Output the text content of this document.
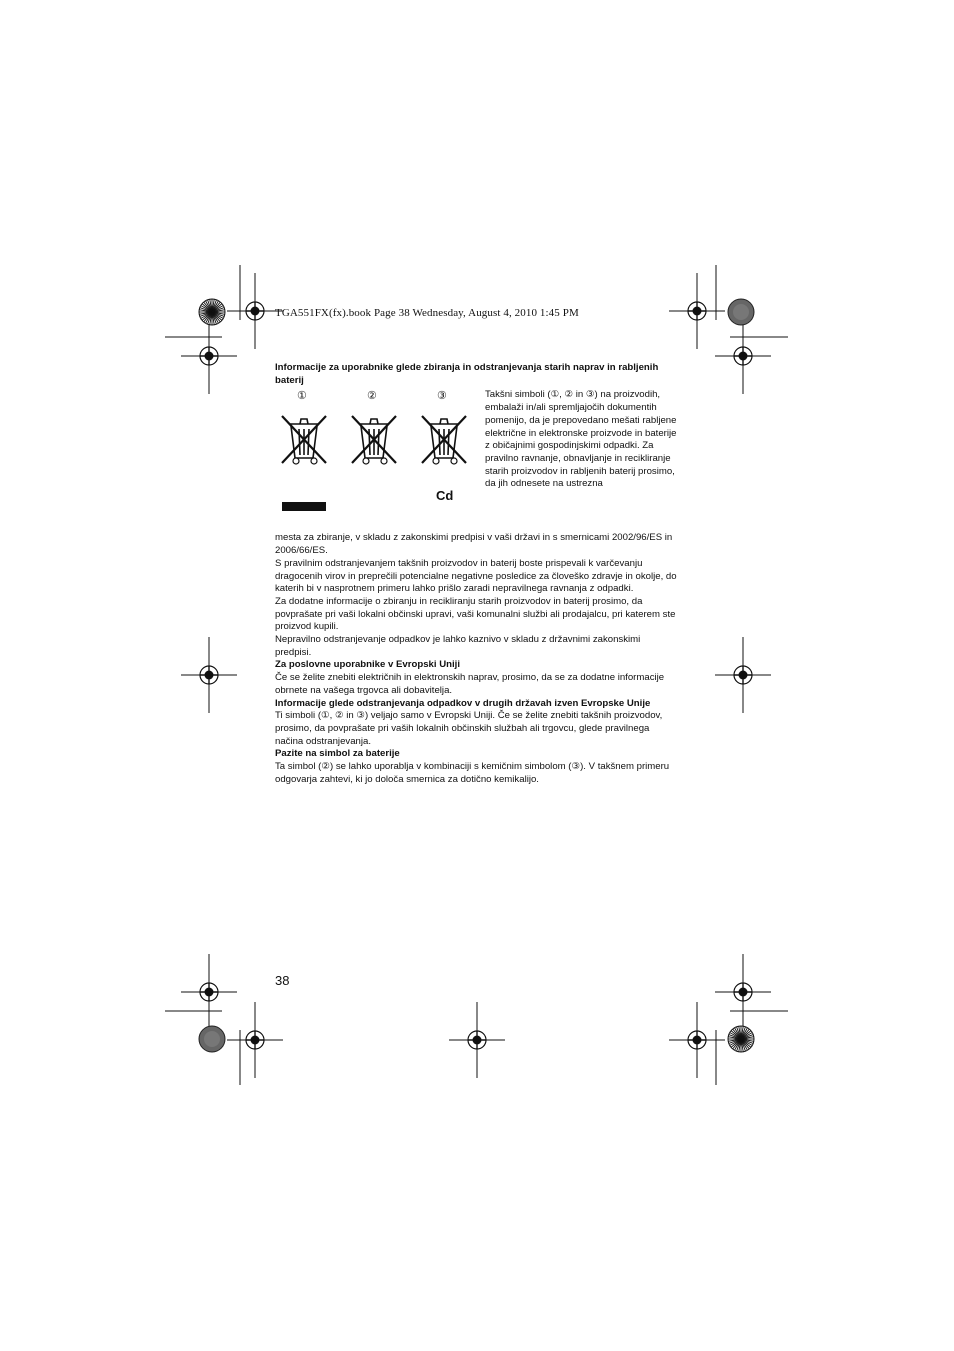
TGA551FX(fx).book Page 38 Wednesday, August 4, 2010 1:45 PM

Informacije za uporabnike glede zbiranja in odstranjevanja starih naprav in rabljenih baterij

①	②	③
Cd

Takšni simboli (①, ② in ③) na proizvodih, embalaži in/ali spremljajočih dokumentih pomenijo, da je prepovedano mešati rabljene električne in elektronske proizvode in baterije z običajnimi gospodinjskimi odpadki. Za pravilno ravnanje, obnavljanje in recikliranje starih proizvodov in rabljenih baterij prosimo, da jih odnesete na ustrezna

mesta za zbiranje, v skladu z zakonskimi predpisi v vaši državi in s smernicami 2002/96/ES in 2006/66/ES.

S pravilnim odstranjevanjem takšnih proizvodov in baterij boste prispevali k varčevanju dragocenih virov in preprečili potencialne negativne posledice za človeško zdravje in okolje, do katerih bi v nasprotnem primeru lahko prišlo zaradi nepravilnega ravnanja z odpadki.

Za dodatne informacije o zbiranju in recikliranju starih proizvodov in baterij prosimo, da povprašate pri vaši lokalni občinski upravi, vaši komunalni službi ali prodajalcu, pri katerem ste proizvod kupili.

Nepravilno odstranjevanje odpadkov je lahko kaznivo v skladu z državnimi zakonskimi predpisi.

Za poslovne uporabnike v Evropski Uniji

Če se želite znebiti električnih in elektronskih naprav, prosimo, da se za dodatne informacije obrnete na vašega trgovca ali dobavitelja.

Informacije glede odstranjevanja odpadkov v drugih državah izven Evropske Unije

Ti simboli (①, ② in ③) veljajo samo v Evropski Uniji. Če se želite znebiti takšnih proizvodov, prosimo, da povprašate pri vaših lokalnih občinskih službah ali trgovcu, glede pravilnega načina odstranjevanja.

Pazite na simbol za baterije

Ta simbol (②) se lahko uporablja v kombinaciji s kemičnim simbolom (③). V takšnem primeru odgovarja zahtevi, ki jo določa smernica za dotično kemikalijo.

38
